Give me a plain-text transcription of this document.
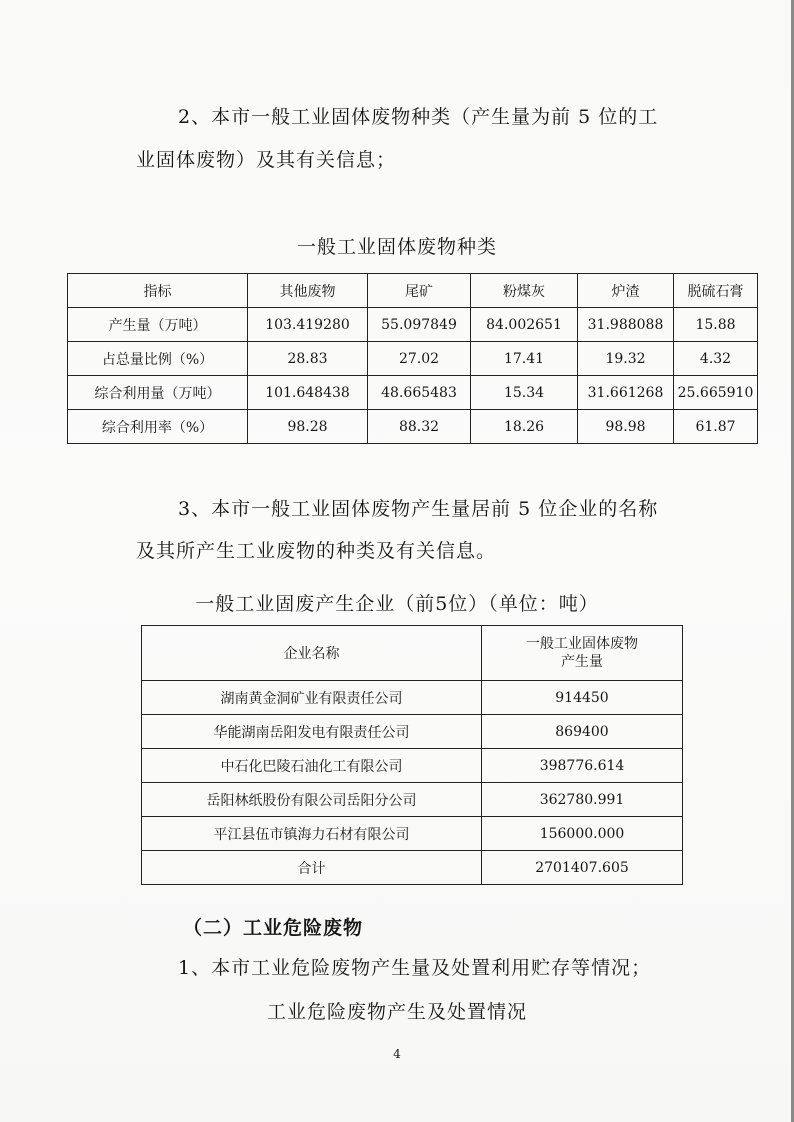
2、本市一般工业固体废物种类（产生量为前 5 位的工
业固体废物）及其有关信息；
一般工业固体废物种类
指标	其他废物	尾矿	粉煤灰	炉渣	脱硫石膏
产生量（万吨）	103.419280	55.097849	84.002651	31.988088	15.88
占总量比例（%）	28.83	27.02	17.41	19.32	4.32
综合利用量（万吨）	101.648438	48.665483	15.34	31.661268	25.665910
综合利用率（%）	98.28	88.32	18.26	98.98	61.87
3、本市一般工业固体废物产生量居前 5 位企业的名称
及其所产生工业废物的种类及有关信息。
一般工业固废产生企业（前5位）（单位：吨）
企业名称	一般工业固体废物产生量
湖南黄金洞矿业有限责任公司	914450
华能湖南岳阳发电有限责任公司	869400
中石化巴陵石油化工有限公司	398776.614
岳阳林纸股份有限公司岳阳分公司	362780.991
平江县伍市镇海力石材有限公司	156000.000
合计	2701407.605
（二）工业危险废物
1、本市工业危险废物产生量及处置利用贮存等情况；
工业危险废物产生及处置情况
4
